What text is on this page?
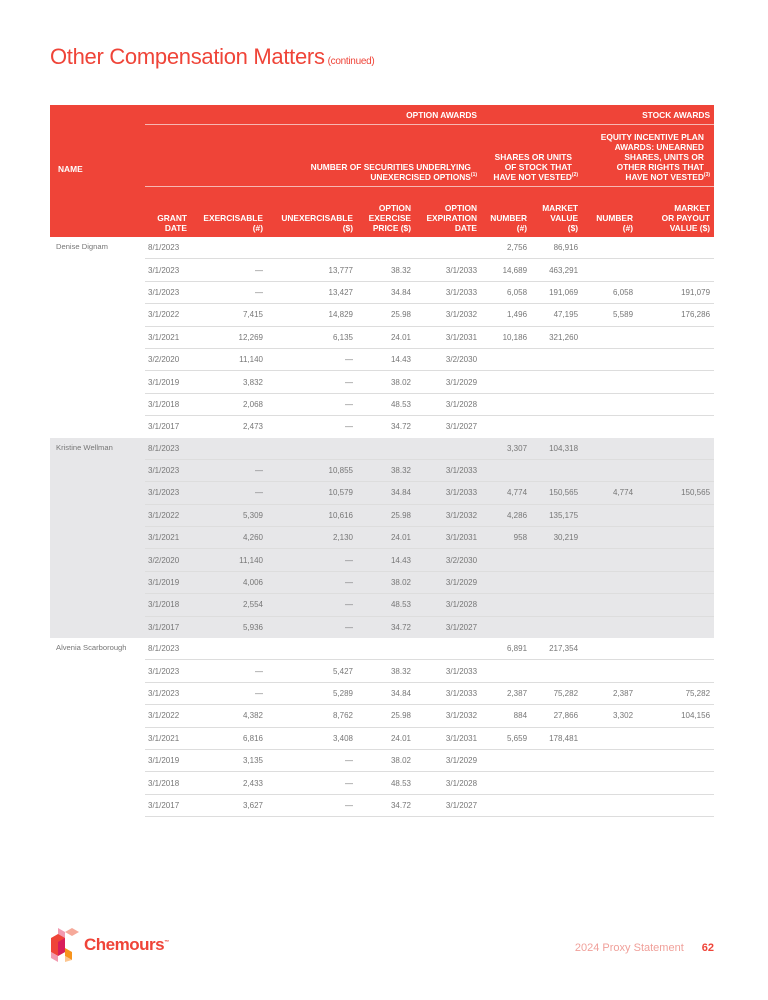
Other Compensation Matters (continued)
NAME	OPTION AWARDS					STOCK AWARDS			
	NUMBER OF SECURITIES UNDERLYING UNEXERCISED OPTIONS$^{(1)}$					SHARES OR UNITS OF STOCK THAT HAVE NOT VESTED$^{(2)}$		EQUITY INCENTIVE PLAN AWARDS: UNEARNED SHARES, UNITS OR OTHER RIGHTS THAT HAVE NOT VESTED$^{(3)}$
	GRANT DATE	EXERCISABLE (#)	UNEXERCISABLE ($)	OPTION EXERCISE PRICE ($)	OPTION EXPIRATION DATE	NUMBER (#)	MARKET VALUE ($)	NUMBER (#)	MARKET OR PAYOUT VALUE ($)
Denise Dignam	8/1/2023					2,756	86,916		
	3/1/2023	—	13,777	38.32	3/1/2033	14,689	463,291		
	3/1/2023	—	13,427	34.84	3/1/2033	6,058	191,069	6,058	191,079
	3/1/2022	7,415	14,829	25.98	3/1/2032	1,496	47,195	5,589	176,286
	3/1/2021	12,269	6,135	24.01	3/1/2031	10,186	321,260		
	3/2/2020	11,140	—	14.43	3/2/2030				
	3/1/2019	3,832	—	38.02	3/1/2029				
	3/1/2018	2,068	—	48.53	3/1/2028				
	3/1/2017	2,473	—	34.72	3/1/2027				
Kristine Wellman	8/1/2023					3,307	104,318		
	3/1/2023	—	10,855	38.32	3/1/2033				
	3/1/2023	—	10,579	34.84	3/1/2033	4,774	150,565	4,774	150,565
	3/1/2022	5,309	10,616	25.98	3/1/2032	4,286	135,175		
	3/1/2021	4,260	2,130	24.01	3/1/2031	958	30,219		
	3/2/2020	11,140	—	14.43	3/2/2030				
	3/1/2019	4,006	—	38.02	3/1/2029				
	3/1/2018	2,554	—	48.53	3/1/2028				
	3/1/2017	5,936	—	34.72	3/1/2027				
Alvenia Scarborough	8/1/2023					6,891	217,354		
	3/1/2023	—	5,427	38.32	3/1/2033				
	3/1/2023	—	5,289	34.84	3/1/2033	2,387	75,282	2,387	75,282
	3/1/2022	4,382	8,762	25.98	3/1/2032	884	27,866	3,302	104,156
	3/1/2021	6,816	3,408	24.01	3/1/2031	5,659	178,481		
	3/1/2019	3,135	—	38.02	3/1/2029				
	3/1/2018	2,433	—	48.53	3/1/2028				
	3/1/2017	3,627	—	34.72	3/1/2027				
Chemours™	2024 Proxy Statement 62
